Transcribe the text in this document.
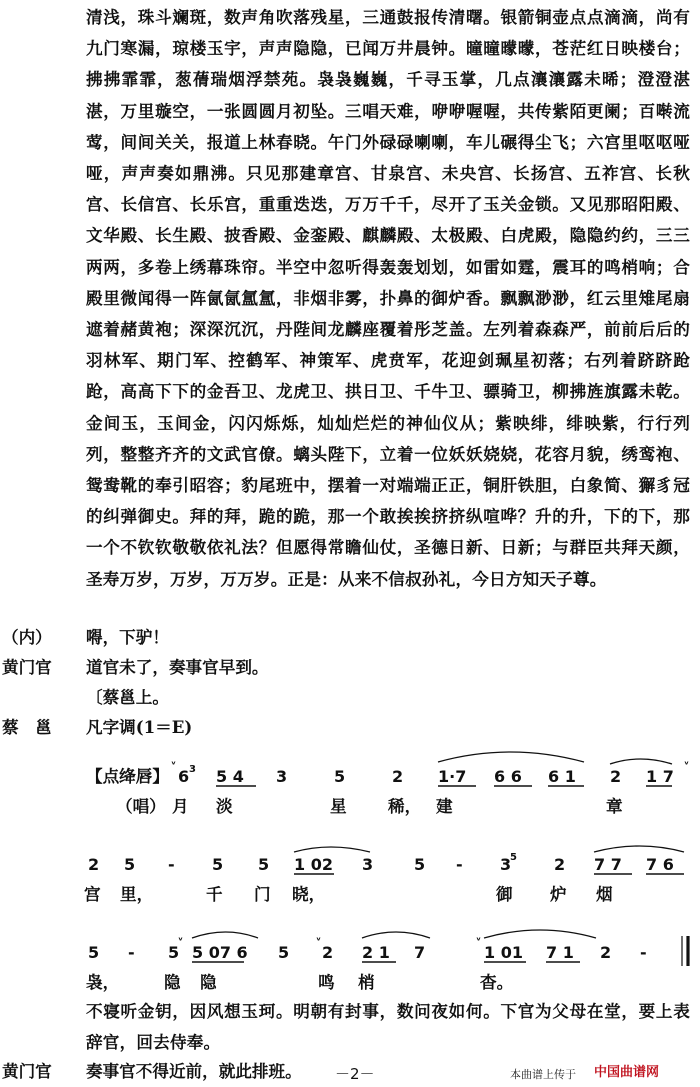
清浅，珠斗斓斑，数声角吹落残星，三通鼓报传清曙。银箭铜壶点点滴滴，尚有九门寒漏，琼楼玉宇，声声隐隐，已闻万井晨钟。曈曈曚曚，苍茫红日映楼台；拂拂霏霏，葱蒨瑞烟浮禁苑。袅袅巍巍，千寻玉掌，几点瀼瀼露未晞；澄澄湛湛，万里璇空，一张圆圆月初坠。三唱天难，咿咿喔喔，共传紫陌更阑；百啭流莺，间间关关，报道上林春晓。午门外碌碌喇喇，车儿碾得尘飞；六宫里呕呕哑哑，声声奏如鼎沸。只见那建章宫、甘泉宫、未央宫、长扬宫、五祚宫、长秋宫、长信宫、长乐宫，重重迭迭，万万千千，尽开了玉关金锁。又见那昭阳殿、文华殿、长生殿、披香殿、金銮殿、麒麟殿、太极殿、白虎殿，隐隐约约，三三两两，多卷上绣幕珠帘。半空中忽听得轰轰划划，如雷如霆，震耳的鸣梢响；合殿里微闻得一阵氤氤氲氲，非烟非雾，扑鼻的御炉香。飘飘渺渺，红云里雉尾扇遮着赭黄袍；深深沉沉，丹陛间龙麟座覆着彤芝盖。左列着森森严，前前后后的羽林军、期门军、控鹤军、神策军、虎贲军，花迎剑珮星初落；右列着跻跻跄跄，高高下下的金吾卫、龙虎卫、拱日卫、千牛卫、骠骑卫，柳拂旌旗露未乾。金间玉，玉间金，闪闪烁烁，灿灿烂烂的神仙仪从；紫映绯，绯映紫，行行列列，整整齐齐的文武官僚。螭头陛下，立着一位妖妖娆娆，花容月貌，绣鸾袍、鸳鸯靴的奉引昭容；豹尾班中，摆着一对端端正正，铜肝铁胆，白象简、獬豸冠的纠弹御史。拜的拜，跪的跪，那一个敢挨挨挤挤纵喧哗？升的升，下的下，那一个不钦钦敬敬依礼法？但愿得常瞻仙仗，圣德日新、日新；与群臣共拜天颜，圣寿万岁，万岁，万万岁。正是：从来不信叔孙礼，今日方知天子尊。

（内） 嘚，下驴！
黄门官 道官未了，奏事官早到。
〔蔡邕上。
蔡　邕 凡字调(1＝E)
【点绛唇】
ᵛ
6 3 5 4 3	5	2 1·7 6 6 6 1 2 1 7
ᵛ
（唱） 月 淡	星 稀， 建	章
2 5 - 5 5 1 02 3	5 - 3
5 2 7 7 7 6
宫 里，	千 门 晓，	御 炉 烟
5 - 5 5 07 6 5 2 2 1 7	1 01 7 1 2 -
ᵛ	ᵛ	ᵛ
袅，	隐 隐	鸣 梢	杳。

不寝听金钥，因风想玉珂。明朝有封事，数问夜如何。下官为父母在堂，要上表辞官，回去侍奉。

黄门官 奏事官不得近前，就此排班。 －2－	本曲谱上传于 中国曲谱网
